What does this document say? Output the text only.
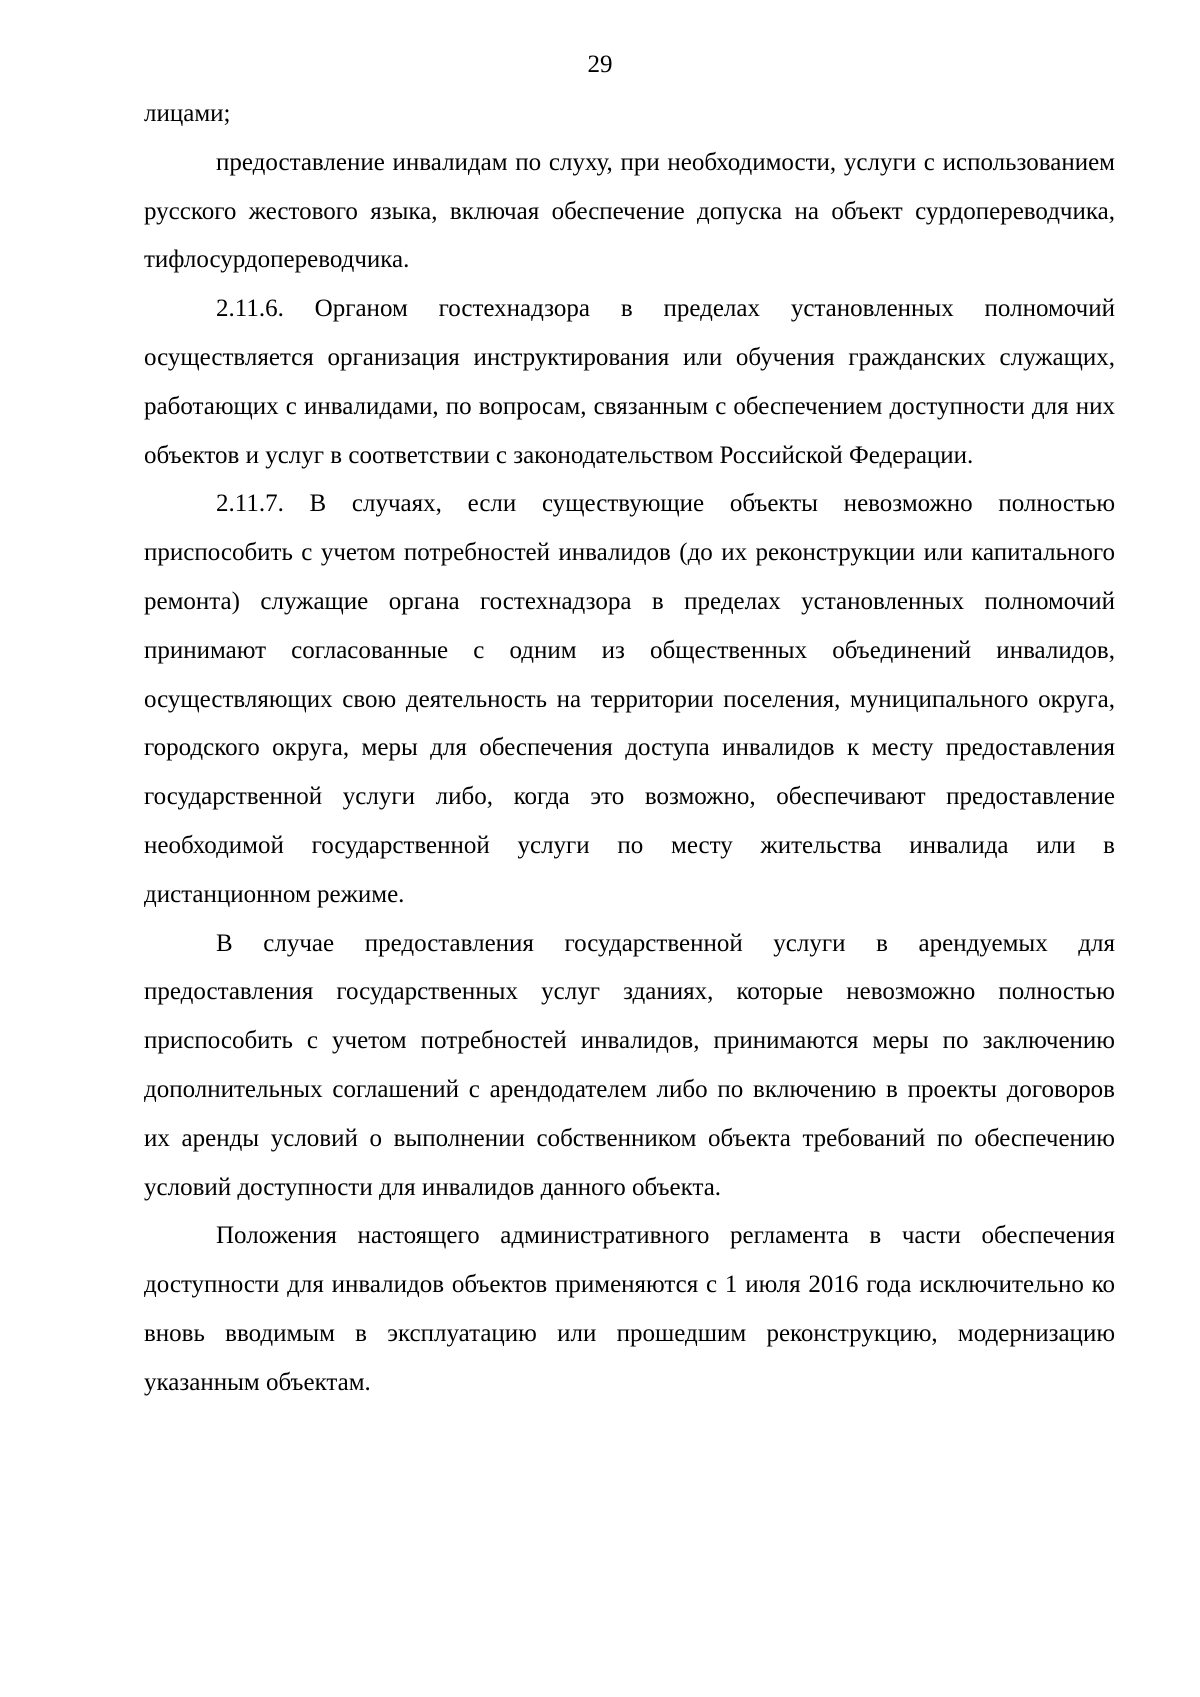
29

лицами;

предоставление инвалидам по слуху, при необходимости, услуги с использованием русского жестового языка, включая обеспечение допуска на объект сурдопереводчика, тифлосурдопереводчика.

2.11.6. Органом гостехнадзора в пределах установленных полномочий осуществляется организация инструктирования или обучения гражданских служащих, работающих с инвалидами, по вопросам, связанным с обеспечением доступности для них объектов и услуг в соответствии с законодательством Российской Федерации.

2.11.7. В случаях, если существующие объекты невозможно полностью приспособить с учетом потребностей инвалидов (до их реконструкции или капитального ремонта) служащие органа гостехнадзора в пределах установленных полномочий принимают согласованные с одним из общественных объединений инвалидов, осуществляющих свою деятельность на территории поселения, муниципального округа, городского округа, меры для обеспечения доступа инвалидов к месту предоставления государственной услуги либо, когда это возможно, обеспечивают предоставление необходимой государственной услуги по месту жительства инвалида или в дистанционном режиме.

В случае предоставления государственной услуги в арендуемых для предоставления государственных услуг зданиях, которые невозможно полностью приспособить с учетом потребностей инвалидов, принимаются меры по заключению дополнительных соглашений с арендодателем либо по включению в проекты договоров их аренды условий о выполнении собственником объекта требований по обеспечению условий доступности для инвалидов данного объекта.

Положения настоящего административного регламента в части обеспечения доступности для инвалидов объектов применяются с 1 июля 2016 года исключительно ко вновь вводимым в эксплуатацию или прошедшим реконструкцию, модернизацию указанным объектам.
